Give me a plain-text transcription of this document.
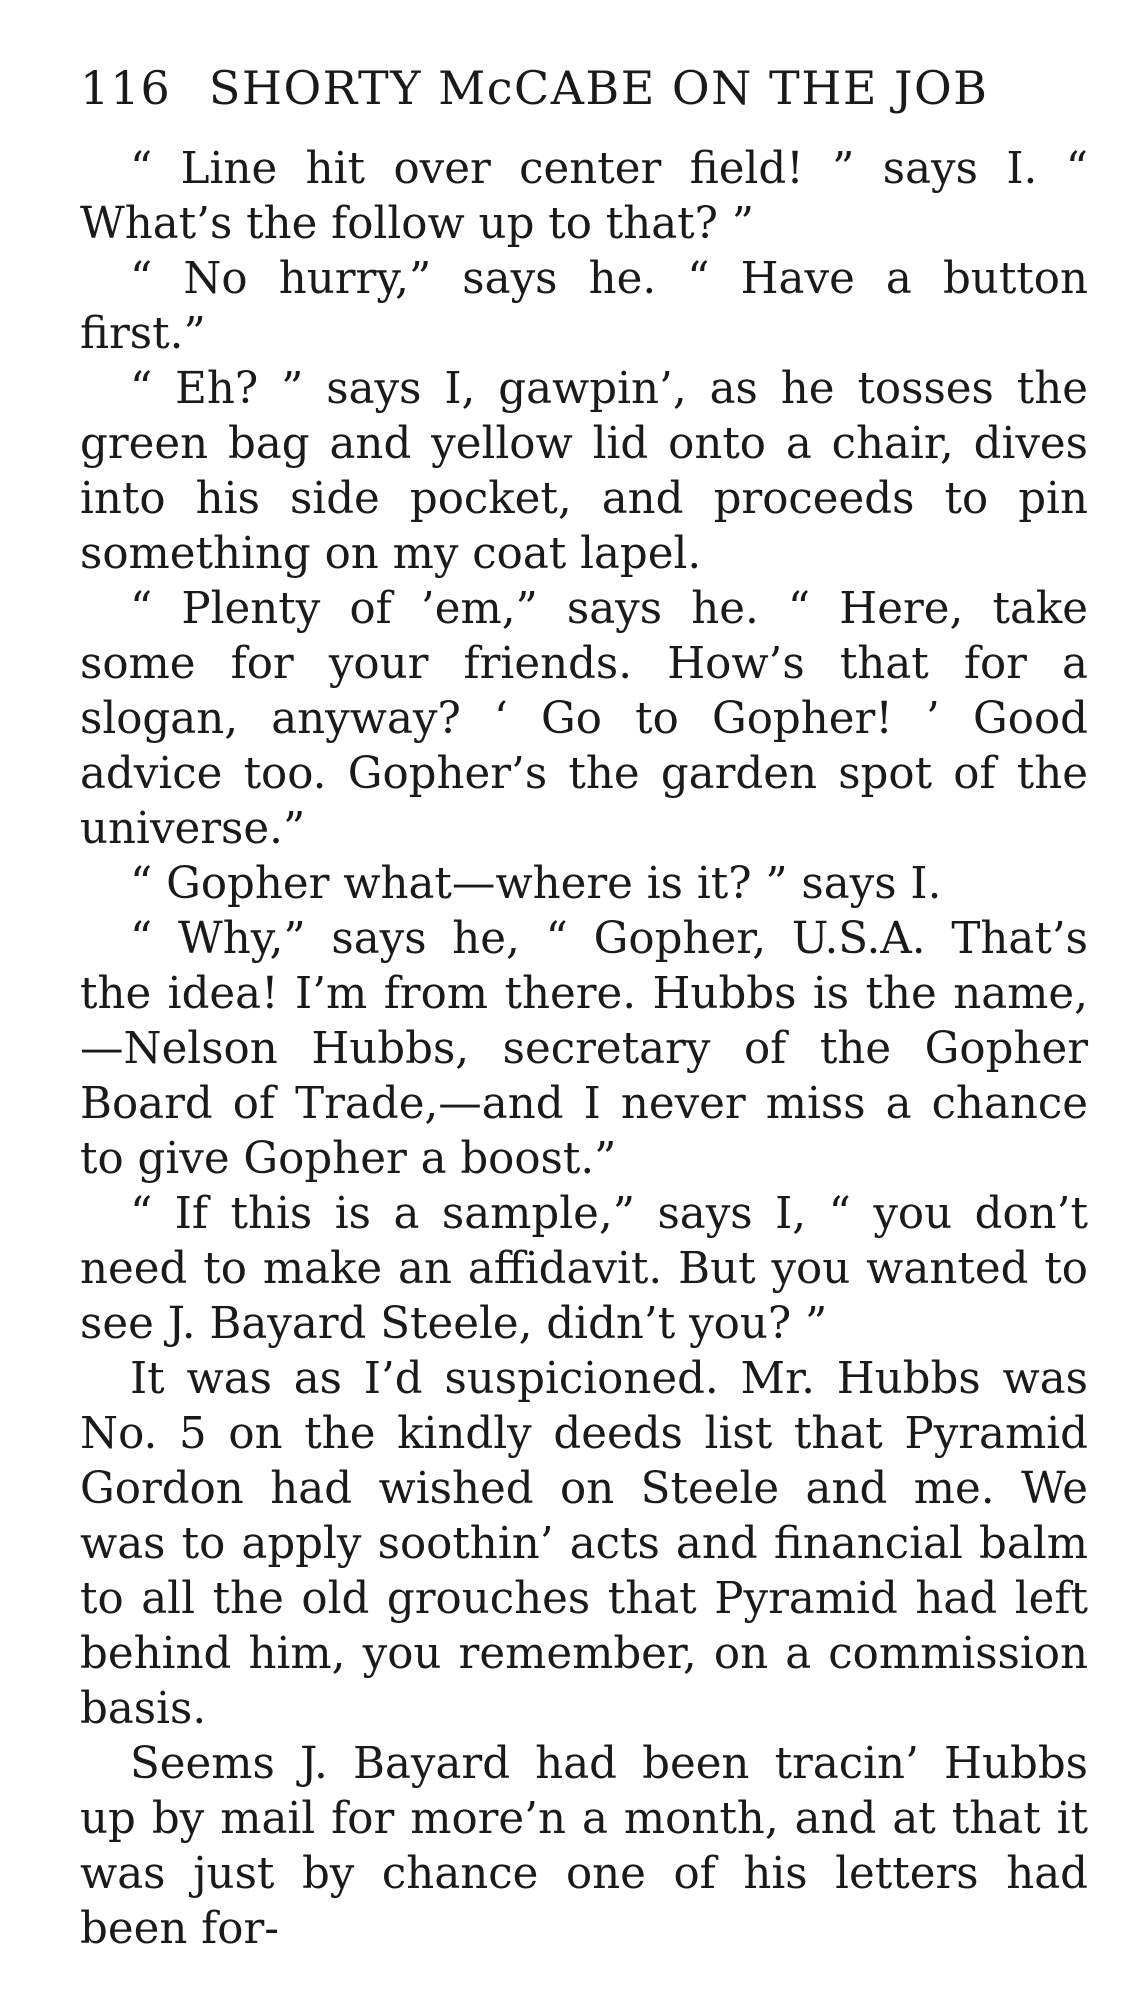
116 SHORTY McCABE ON THE JOB

“ Line hit over center field! ” says I. “ What’s the follow up to that? ”

“ No hurry,” says he. “ Have a button first.”

“ Eh? ” says I, gawpin’, as he tosses the green bag and yellow lid onto a chair, dives into his side pocket, and proceeds to pin something on my coat lapel.

“ Plenty of ’em,” says he. “ Here, take some for your friends. How’s that for a slogan, anyway? ‘ Go to Gopher! ’ Good advice too. Gopher’s the garden spot of the universe.”

“ Gopher what—where is it? ” says I.

“ Why,” says he, “ Gopher, U.S.A. That’s the idea! I’m from there. Hubbs is the name, —Nelson Hubbs, secretary of the Gopher Board of Trade,—and I never miss a chance to give Gopher a boost.”

“ If this is a sample,” says I, “ you don’t need to make an affidavit. But you wanted to see J. Bayard Steele, didn’t you? ”

It was as I’d suspicioned. Mr. Hubbs was No. 5 on the kindly deeds list that Pyramid Gordon had wished on Steele and me. We was to apply soothin’ acts and financial balm to all the old grouches that Pyramid had left behind him, you remember, on a commission basis.

Seems J. Bayard had been tracin’ Hubbs up by mail for more’n a month, and at that it was just by chance one of his letters had been for-
